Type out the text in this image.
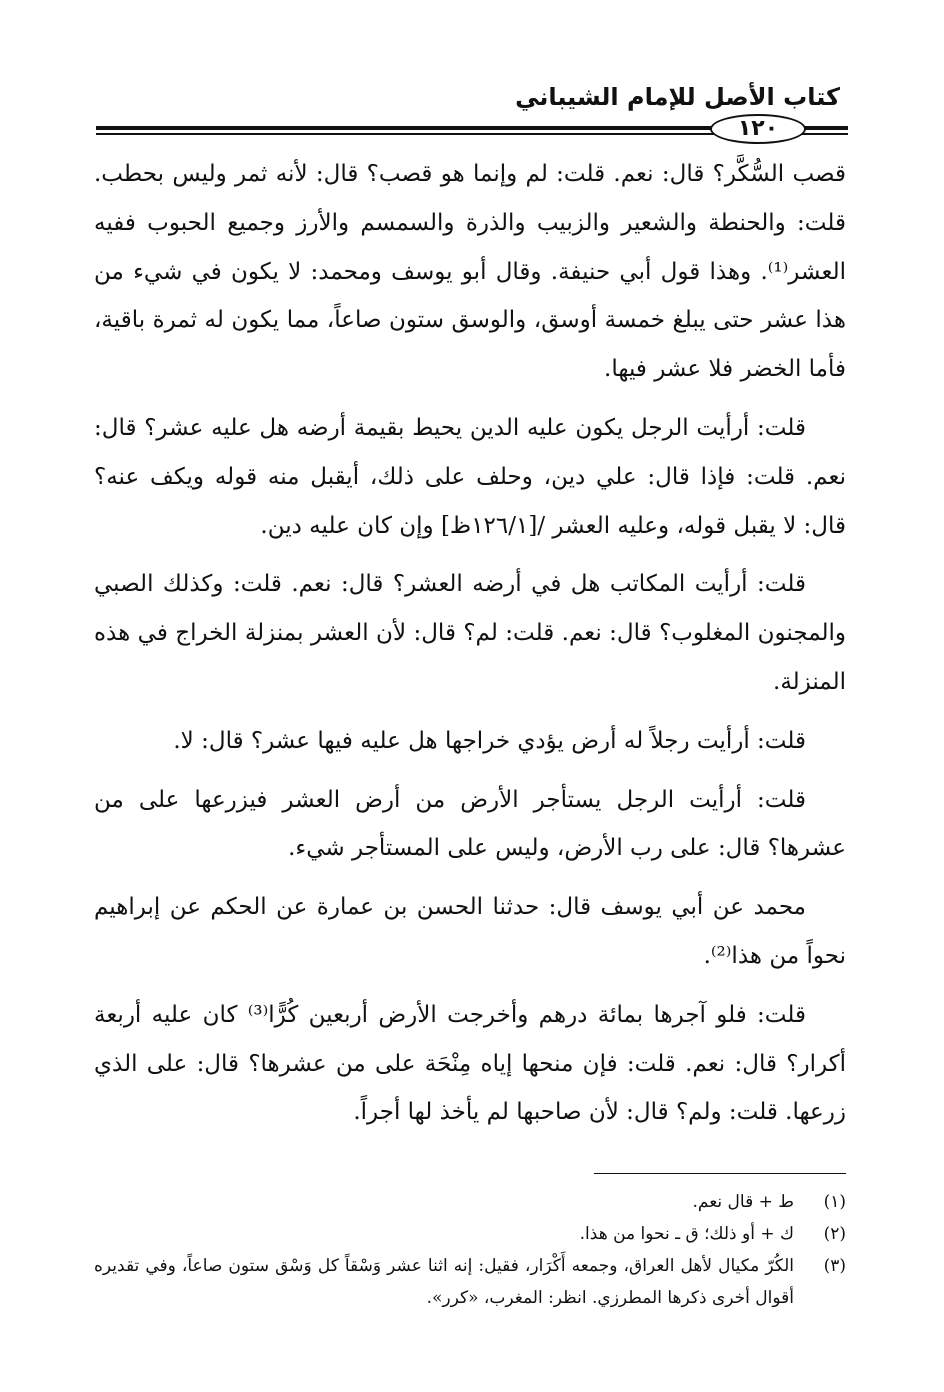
كتاب الأصل للإمام الشيباني
١٢٠

قصب السُّكَّر؟ قال: نعم. قلت: لم وإنما هو قصب؟ قال: لأنه ثمر وليس بحطب. قلت: والحنطة والشعير والزبيب والذرة والسمسم والأرز وجميع الحبوب ففيه العشر⁽¹⁾. وهذا قول أبي حنيفة. وقال أبو يوسف ومحمد: لا يكون في شيء من هذا عشر حتى يبلغ خمسة أوسق، والوسق ستون صاعاً، مما يكون له ثمرة باقية، فأما الخضر فلا عشر فيها.

قلت: أرأيت الرجل يكون عليه الدين يحيط بقيمة أرضه هل عليه عشر؟ قال: نعم. قلت: فإذا قال: علي دين، وحلف على ذلك، أيقبل منه قوله ويكف عنه؟ قال: لا يقبل قوله، وعليه العشر /[١٢٦/١ظ] وإن كان عليه دين.

قلت: أرأيت المكاتب هل في أرضه العشر؟ قال: نعم. قلت: وكذلك الصبي والمجنون المغلوب؟ قال: نعم. قلت: لم؟ قال: لأن العشر بمنزلة الخراج في هذه المنزلة.

قلت: أرأيت رجلاً له أرض يؤدي خراجها هل عليه فيها عشر؟ قال: لا.

قلت: أرأيت الرجل يستأجر الأرض من أرض العشر فيزرعها على من عشرها؟ قال: على رب الأرض، وليس على المستأجر شيء.

محمد عن أبي يوسف قال: حدثنا الحسن بن عمارة عن الحكم عن إبراهيم نحواً من هذا⁽²⁾.

قلت: فلو آجرها بمائة درهم وأخرجت الأرض أربعين كُرًّا⁽³⁾ كان عليه أربعة أكرار؟ قال: نعم. قلت: فإن منحها إياه مِنْحَة على من عشرها؟ قال: على الذي زرعها. قلت: ولم؟ قال: لأن صاحبها لم يأخذ لها أجراً.

(١)
ط + قال نعم.
(٢)
ك + أو ذلك؛ ق ـ نحوا من هذا.
(٣)
الكُرّ مكيال لأهل العراق، وجمعه أَكْرَار، فقيل: إنه اثنا عشر وَسْقاً كل وَسْق ستون صاعاً، وفي تقديره أقوال أخرى ذكرها المطرزي. انظر: المغرب، «كرر».
